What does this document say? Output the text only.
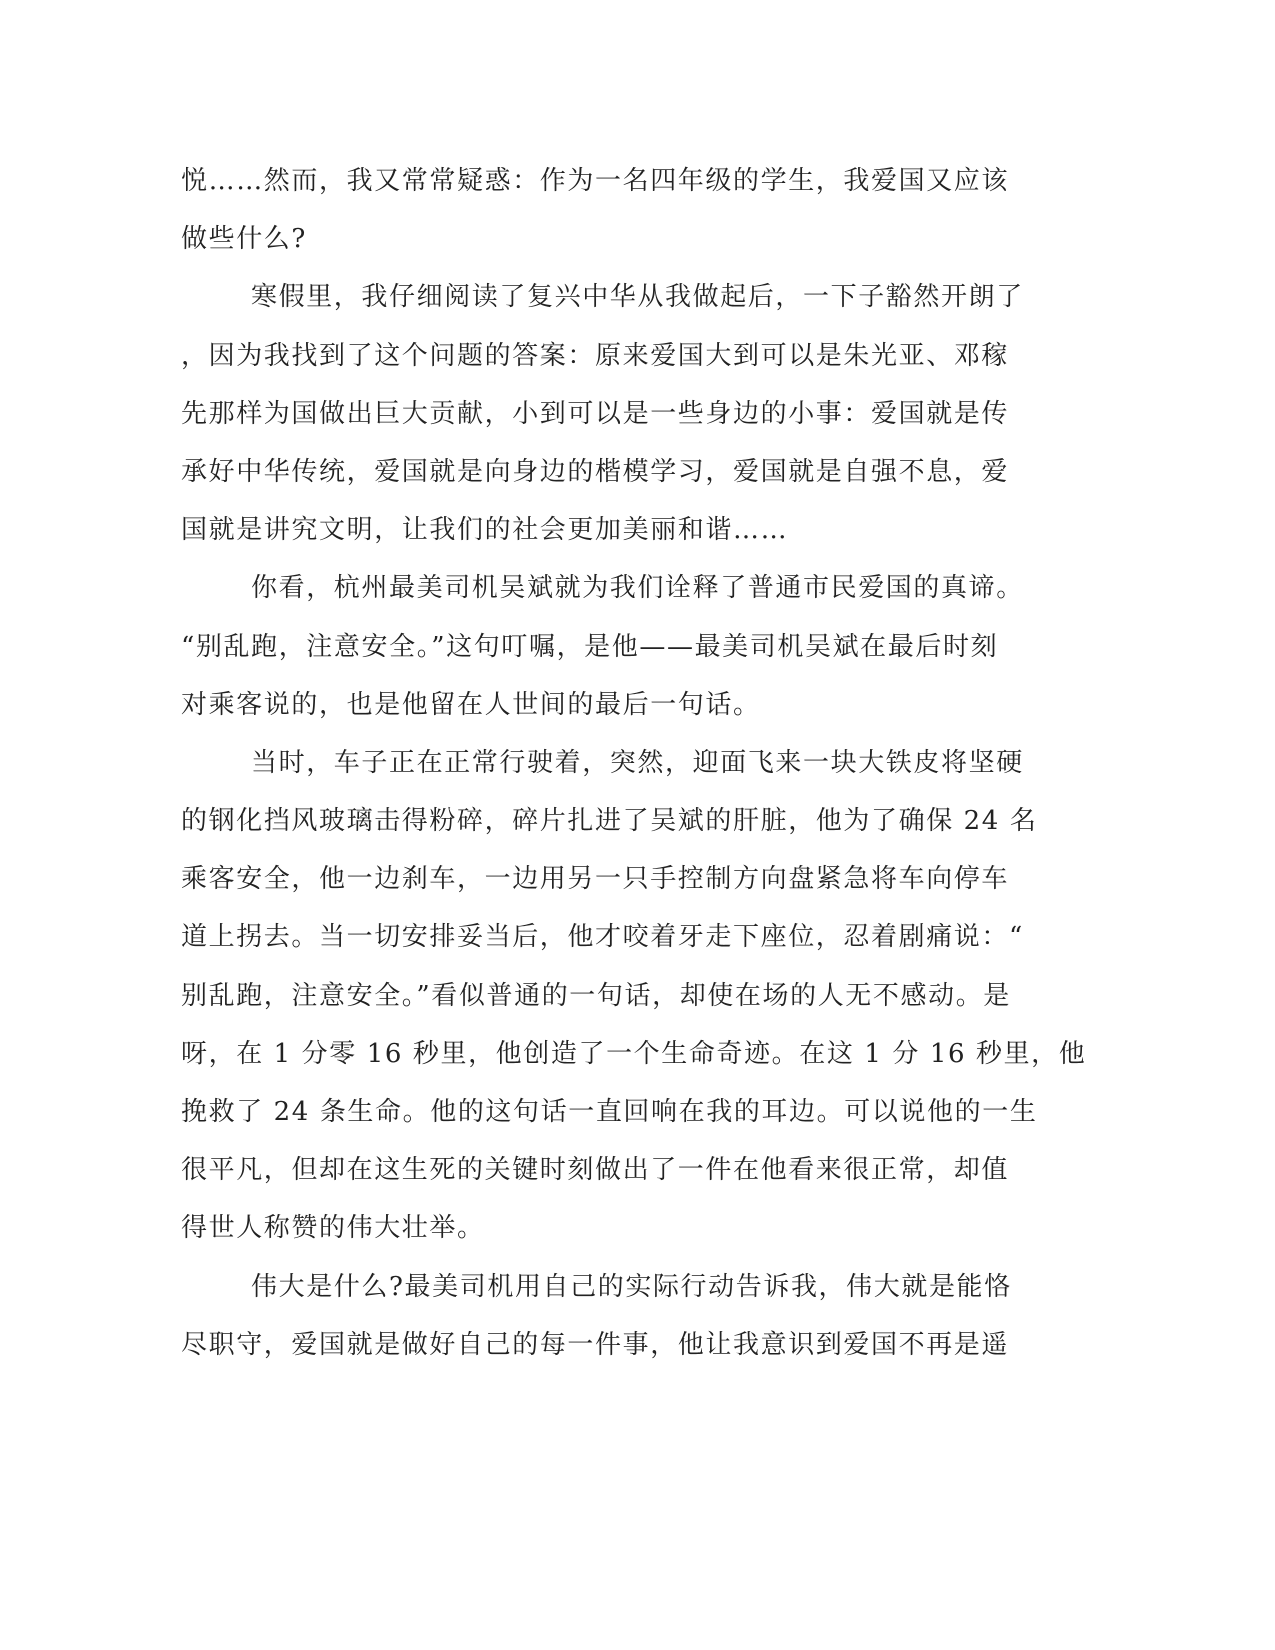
悦……然而，我又常常疑惑：作为一名四年级的学生，我爱国又应该
做些什么?
寒假里，我仔细阅读了复兴中华从我做起后，一下子豁然开朗了
，因为我找到了这个问题的答案：原来爱国大到可以是朱光亚、邓稼
先那样为国做出巨大贡献，小到可以是一些身边的小事：爱国就是传
承好中华传统，爱国就是向身边的楷模学习，爱国就是自强不息，爱
国就是讲究文明，让我们的社会更加美丽和谐……
你看，杭州最美司机吴斌就为我们诠释了普通市民爱国的真谛。
“别乱跑，注意安全。”这句叮嘱，是他——最美司机吴斌在最后时刻
对乘客说的，也是他留在人世间的最后一句话。
当时，车子正在正常行驶着，突然，迎面飞来一块大铁皮将坚硬
的钢化挡风玻璃击得粉碎，碎片扎进了吴斌的肝脏，他为了确保 24 名
乘客安全，他一边刹车，一边用另一只手控制方向盘紧急将车向停车
道上拐去。当一切安排妥当后，他才咬着牙走下座位，忍着剧痛说：“
别乱跑，注意安全。”看似普通的一句话，却使在场的人无不感动。是
呀，在 1 分零 16 秒里，他创造了一个生命奇迹。在这 1 分 16 秒里，他
挽救了 24 条生命。他的这句话一直回响在我的耳边。可以说他的一生
很平凡，但却在这生死的关键时刻做出了一件在他看来很正常，却值
得世人称赞的伟大壮举。
伟大是什么?最美司机用自己的实际行动告诉我，伟大就是能恪
尽职守，爱国就是做好自己的每一件事，他让我意识到爱国不再是遥
